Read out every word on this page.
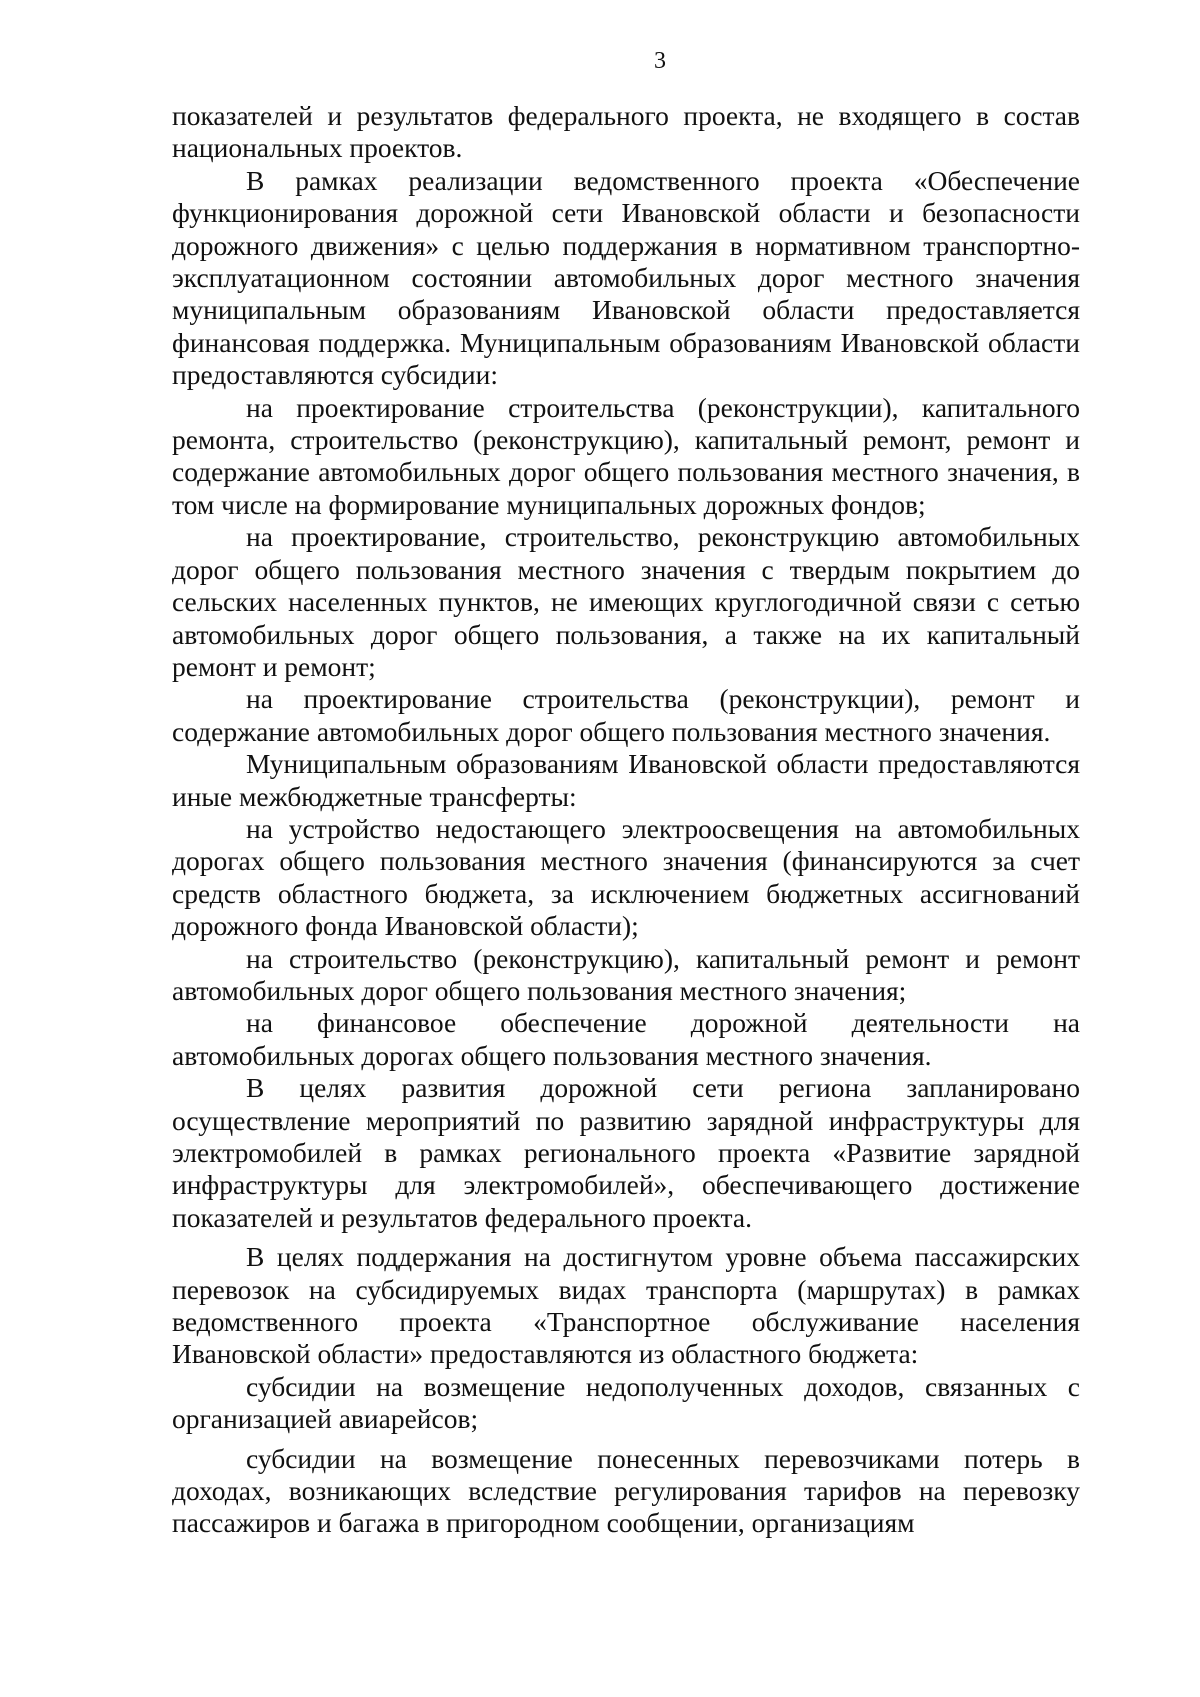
3

показателей и результатов федерального проекта, не входящего в состав национальных проектов.

В рамках реализации ведомственного проекта «Обеспечение функционирования дорожной сети Ивановской области и безопасности дорожного движения» с целью поддержания в нормативном транспортно-эксплуатационном состоянии автомобильных дорог местного значения муниципальным образованиям Ивановской области предоставляется финансовая поддержка. Муниципальным образованиям Ивановской области предоставляются субсидии:

на проектирование строительства (реконструкции), капитального ремонта, строительство (реконструкцию), капитальный ремонт, ремонт и содержание автомобильных дорог общего пользования местного значения, в том числе на формирование муниципальных дорожных фондов;

на проектирование, строительство, реконструкцию автомобильных дорог общего пользования местного значения с твердым покрытием до сельских населенных пунктов, не имеющих круглогодичной связи с сетью автомобильных дорог общего пользования, а также на их капитальный ремонт и ремонт;

на проектирование строительства (реконструкции), ремонт и содержание автомобильных дорог общего пользования местного значения.

Муниципальным образованиям Ивановской области предоставляются иные межбюджетные трансферты:

на устройство недостающего электроосвещения на автомобильных дорогах общего пользования местного значения (финансируются за счет средств областного бюджета, за исключением бюджетных ассигнований дорожного фонда Ивановской области);

на строительство (реконструкцию), капитальный ремонт и ремонт автомобильных дорог общего пользования местного значения;

на финансовое обеспечение дорожной деятельности на автомобильных дорогах общего пользования местного значения.

В целях развития дорожной сети региона запланировано осуществление мероприятий по развитию зарядной инфраструктуры для электромобилей в рамках регионального проекта «Развитие зарядной инфраструктуры для электромобилей», обеспечивающего достижение показателей и результатов федерального проекта.

В целях поддержания на достигнутом уровне объема пассажирских перевозок на субсидируемых видах транспорта (маршрутах) в рамках ведомственного проекта «Транспортное обслуживание населения Ивановской области» предоставляются из областного бюджета:

субсидии на возмещение недополученных доходов, связанных с организацией авиарейсов;

субсидии на возмещение понесенных перевозчиками потерь в доходах, возникающих вследствие регулирования тарифов на перевозку пассажиров и багажа в пригородном сообщении, организациям
